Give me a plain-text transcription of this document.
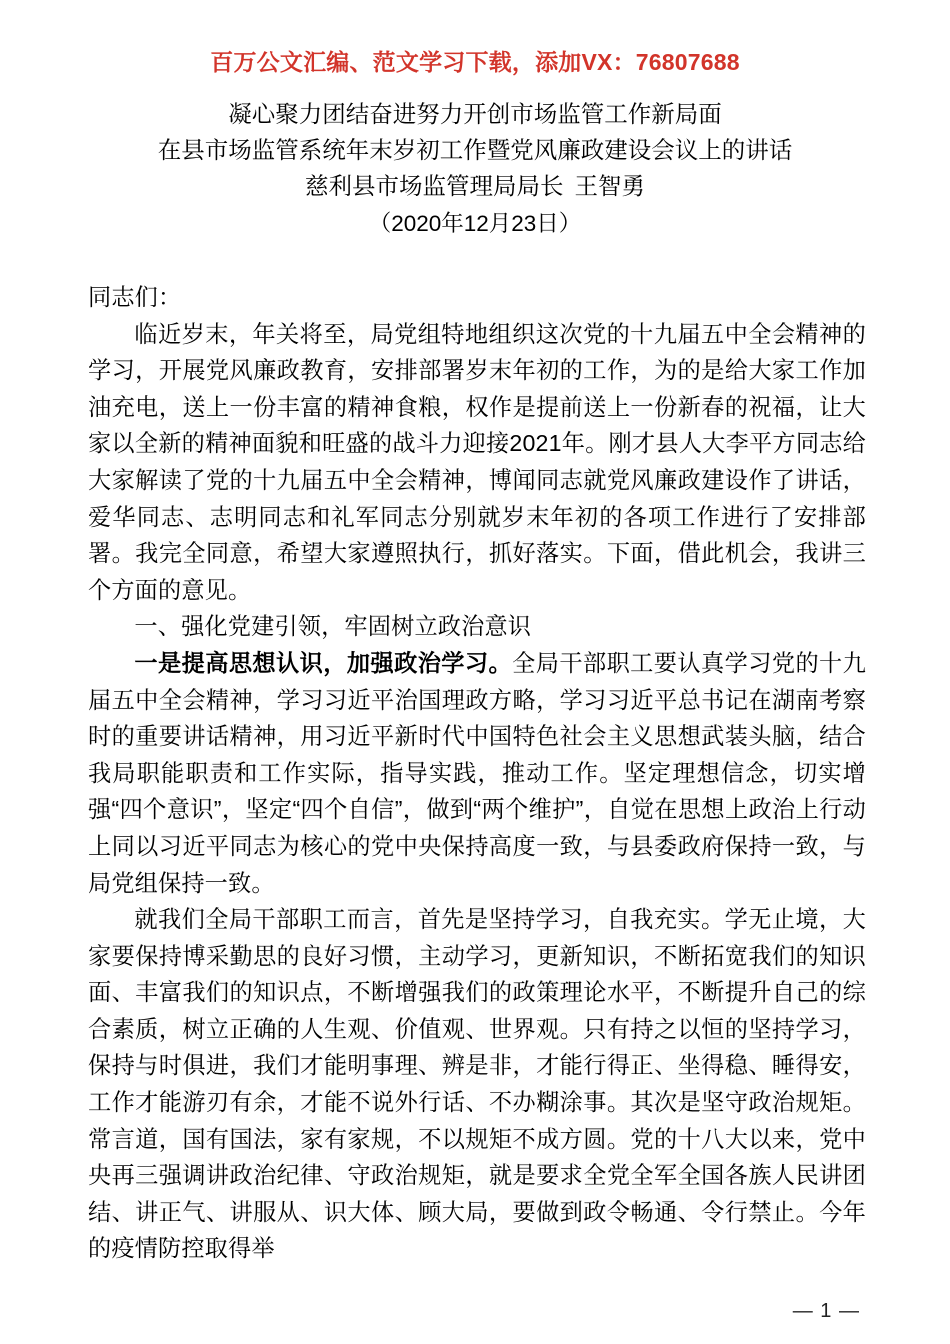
百万公文汇编、范文学习下载，添加VX：76807688
凝心聚力团结奋进努力开创市场监管工作新局面
在县市场监管系统年末岁初工作暨党风廉政建设会议上的讲话
慈利县市场监管理局局长 王智勇
（2020年12月23日）

同志们：

临近岁末，年关将至，局党组特地组织这次党的十九届五中全会精神的学习，开展党风廉政教育，安排部署岁末年初的工作，为的是给大家工作加油充电，送上一份丰富的精神食粮，权作是提前送上一份新春的祝福，让大家以全新的精神面貌和旺盛的战斗力迎接2021年。刚才县人大李平方同志给大家解读了党的十九届五中全会精神，博闻同志就党风廉政建设作了讲话，爱华同志、志明同志和礼军同志分别就岁末年初的各项工作进行了安排部署。我完全同意，希望大家遵照执行，抓好落实。下面，借此机会，我讲三个方面的意见。

一、强化党建引领，牢固树立政治意识

一是提高思想认识，加强政治学习。全局干部职工要认真学习党的十九届五中全会精神，学习习近平治国理政方略，学习习近平总书记在湖南考察时的重要讲话精神，用习近平新时代中国特色社会主义思想武装头脑，结合我局职能职责和工作实际，指导实践，推动工作。坚定理想信念，切实增强“四个意识”，坚定“四个自信”，做到“两个维护”，自觉在思想上政治上行动上同以习近平同志为核心的党中央保持高度一致，与县委政府保持一致，与局党组保持一致。

就我们全局干部职工而言，首先是坚持学习，自我充实。学无止境，大家要保持博采勤思的良好习惯，主动学习，更新知识，不断拓宽我们的知识面、丰富我们的知识点，不断增强我们的政策理论水平，不断提升自己的综合素质，树立正确的人生观、价值观、世界观。只有持之以恒的坚持学习，保持与时俱进，我们才能明事理、辨是非，才能行得正、坐得稳、睡得安，工作才能游刃有余，才能不说外行话、不办糊涂事。其次是坚守政治规矩。常言道，国有国法，家有家规，不以规矩不成方圆。党的十八大以来，党中央再三强调讲政治纪律、守政治规矩，就是要求全党全军全国各族人民讲团结、讲正气、讲服从、识大体、顾大局，要做到政令畅通、令行禁止。今年的疫情防控取得举

— 1 —
